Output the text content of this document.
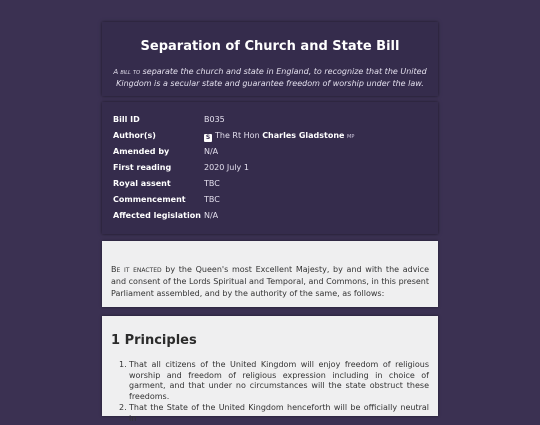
Separation of Church and State Bill
A bill to separate the church and state in England, to recognize that the United Kingdom is a secular state and guarantee freedom of worship under the law.
Bill ID	B035
Author(s)	S The Rt Hon Charles Gladstone MP
Amended by	N/A
First reading	2020 July 1
Royal assent	TBC
Commencement TBC
Affected legislation N/A

Be it enacted by the Queen's most Excellent Majesty, by and with the advice and consent of the Lords Spiritual and Temporal, and Commons, in this present Parliament assembled, and by the authority of the same, as follows:

1 Principles
1. That all citizens of the United Kingdom will enjoy freedom of religious worship and freedom of religious expression including in choice of garment, and that under no circumstances will the state obstruct these freedoms.
2. That the State of the United Kingdom henceforth will be officially neutral in
